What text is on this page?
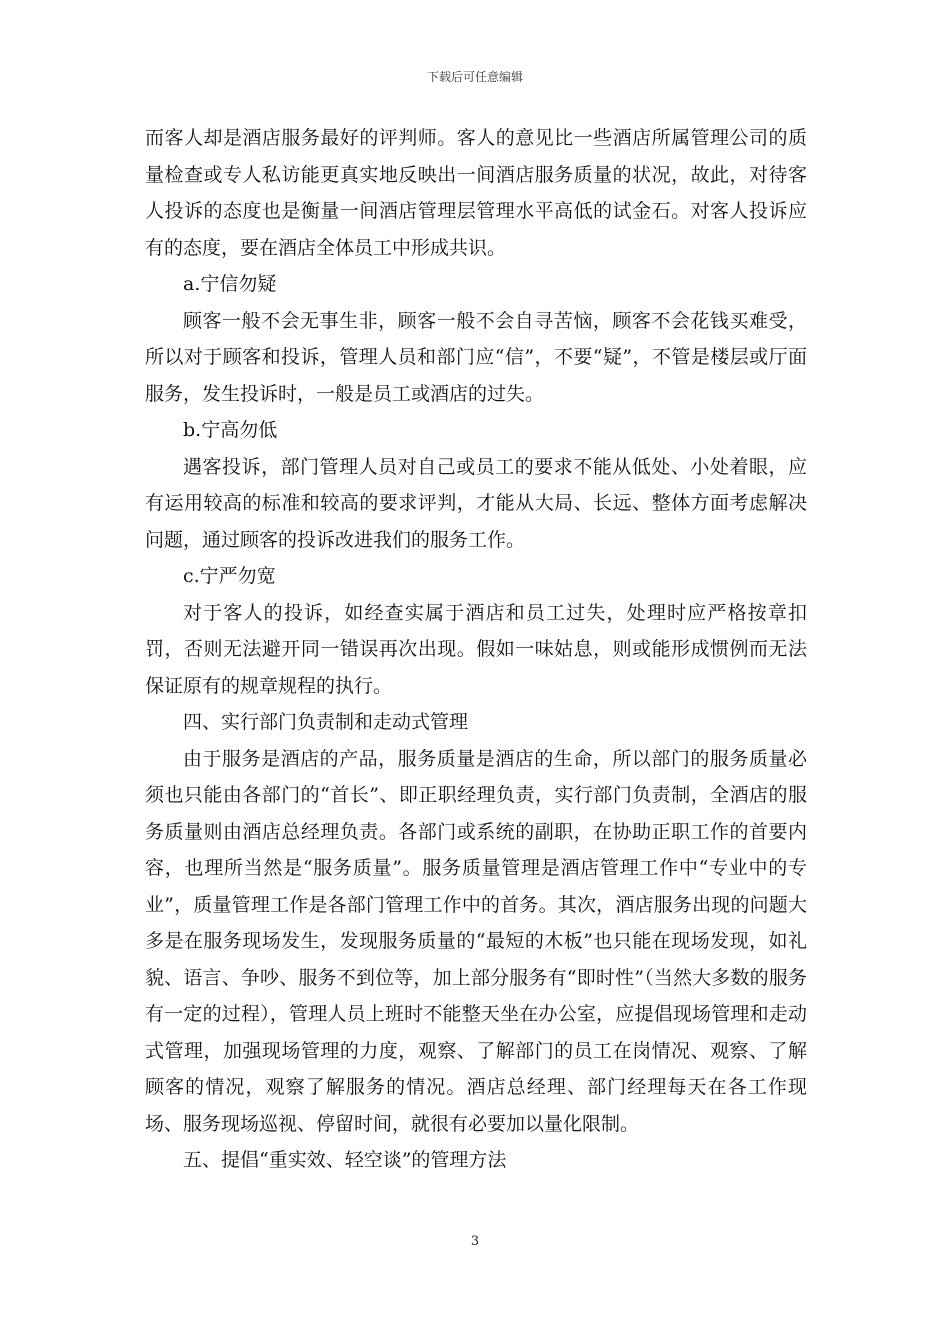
下载后可任意编辑

而客人却是酒店服务最好的评判师。客人的意见比一些酒店所属管理公司的质量检查或专人私访能更真实地反映出一间酒店服务质量的状况，故此，对待客人投诉的态度也是衡量一间酒店管理层管理水平高低的试金石。对客人投诉应有的态度，要在酒店全体员工中形成共识。

a.宁信勿疑

顾客一般不会无事生非，顾客一般不会自寻苦恼，顾客不会花钱买难受，所以对于顾客和投诉，管理人员和部门应“信”，不要“疑”，不管是楼层或厅面服务，发生投诉时，一般是员工或酒店的过失。

b.宁高勿低

遇客投诉，部门管理人员对自己或员工的要求不能从低处、小处着眼，应有运用较高的标准和较高的要求评判，才能从大局、长远、整体方面考虑解决问题，通过顾客的投诉改进我们的服务工作。

c.宁严勿宽

对于客人的投诉，如经查实属于酒店和员工过失，处理时应严格按章扣罚，否则无法避开同一错误再次出现。假如一味姑息，则或能形成惯例而无法保证原有的规章规程的执行。

四、实行部门负责制和走动式管理

由于服务是酒店的产品，服务质量是酒店的生命，所以部门的服务质量必须也只能由各部门的“首长”、即正职经理负责，实行部门负责制，全酒店的服务质量则由酒店总经理负责。各部门或系统的副职，在协助正职工作的首要内容，也理所当然是“服务质量”。服务质量管理是酒店管理工作中“专业中的专业”，质量管理工作是各部门管理工作中的首务。其次，酒店服务出现的问题大多是在服务现场发生，发现服务质量的“最短的木板”也只能在现场发现，如礼貌、语言、争吵、服务不到位等，加上部分服务有“即时性”（当然大多数的服务有一定的过程），管理人员上班时不能整天坐在办公室，应提倡现场管理和走动式管理，加强现场管理的力度，观察、了解部门的员工在岗情况、观察、了解顾客的情况，观察了解服务的情况。酒店总经理、部门经理每天在各工作现场、服务现场巡视、停留时间，就很有必要加以量化限制。

五、提倡“重实效、轻空谈”的管理方法

3
